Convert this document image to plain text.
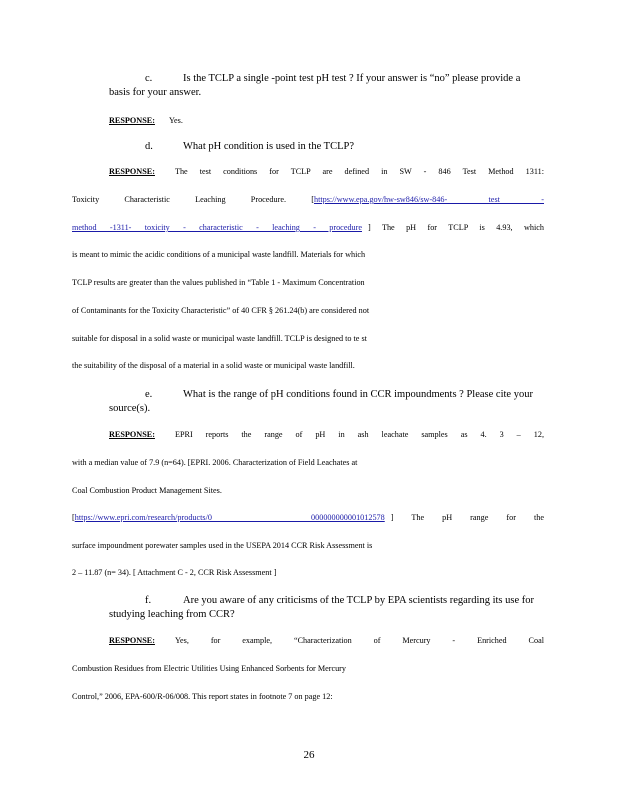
c.	Is the TCLP a single -point test pH test ? If your answer is “no” please provide a basis for your answer.
RESPONSE: Yes.
d.	What pH condition is used in the TCLP?
RESPONSE: The test conditions for TCLP are defined in SW - 846 Test Method 1311:
Toxicity Characteristic Leaching Procedure. [ https://www.epa.gov/hw-sw846/sw-846- test -
method -1311- toxicity - characteristic - leaching - procedure ] The pH for TCLP is 4.93, which
is meant to mimic the acidic conditions of a municipal waste landfill. Materials for which
TCLP results are greater than the values published in “Table 1 - Maximum Concentration
of Contaminants for the Toxicity Characteristic” of 40 CFR § 261.24(b) are considered not
suitable for disposal in a solid waste or municipal waste landfill. TCLP is designed to te st
the suitability of the disposal of a material in a solid waste or municipal waste landfill.
e.	What is the range of pH conditions found in CCR impoundments ? Please cite your source(s).
RESPONSE: EPRI reports the range of pH in ash leachate samples as 4. 3 – 12,
with a median value of 7.9 (n=64). [EPRI. 2006. Characterization of Field Leachates at
Coal Combustion Product Management Sites.
[ https://www.epri.com/research/products/0 000000000001012578 ] The pH range for the
surface impoundment porewater samples used in the USEPA 2014 CCR Risk Assessment is
2 – 11.87 (n= 34). [ Attachment C - 2, CCR Risk Assessment ]
f.	Are you aware of any criticisms of the TCLP by EPA scientists regarding its use for studying leaching from CCR?
RESPONSE: Yes, for example, “Characterization of Mercury - Enriched Coal
Combustion Residues from Electric Utilities Using Enhanced Sorbents for Mercury
Control,” 2006, EPA-600/R-06/008. This report states in footnote 7 on page 12:
26
